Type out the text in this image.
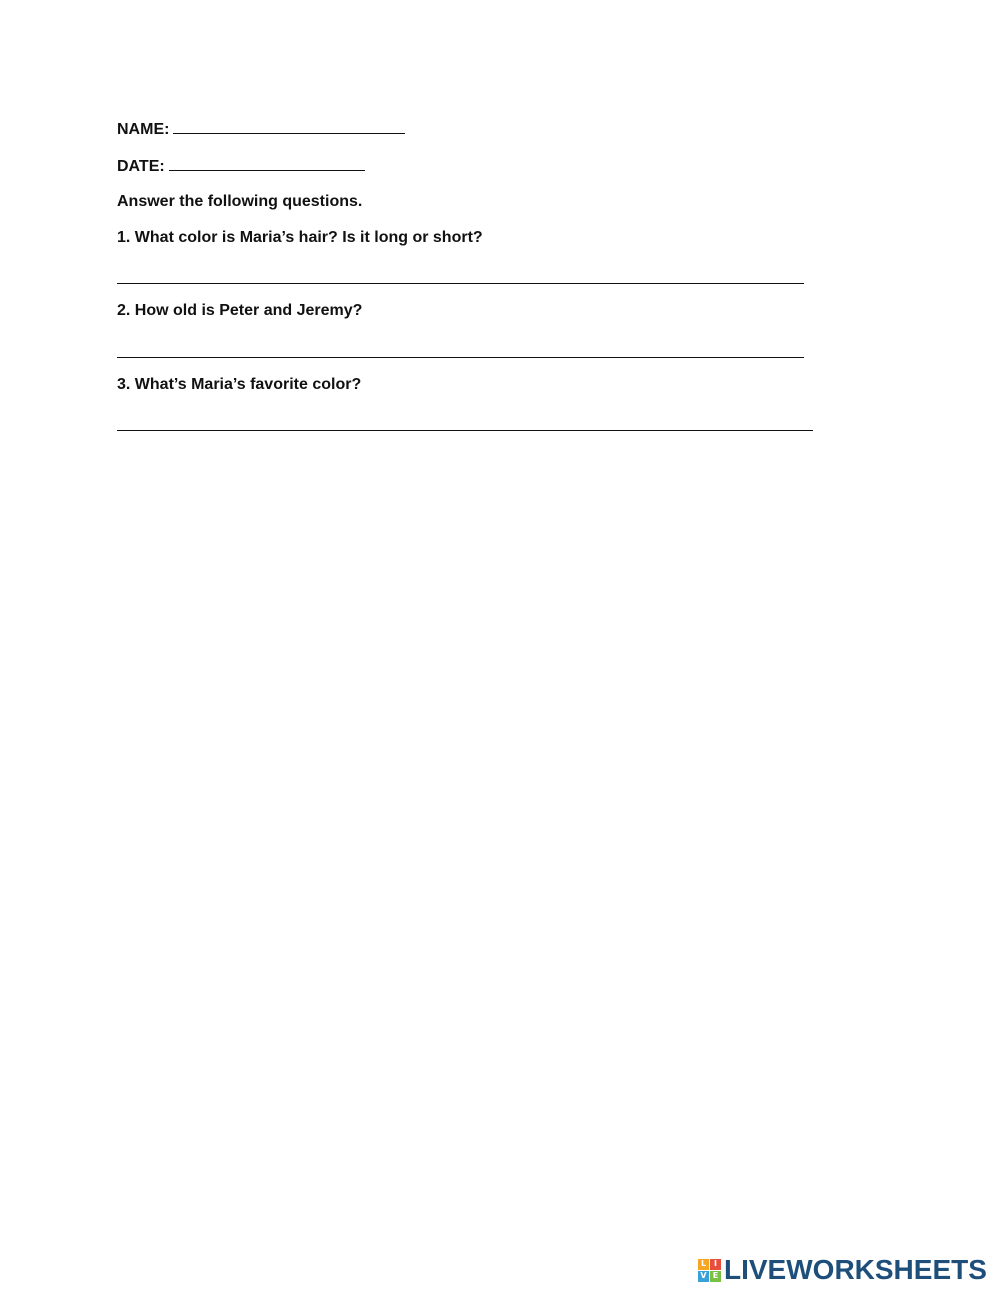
NAME:
DATE:
Answer the following questions.
1. What color is Maria’s hair? Is it long or short?
2. How old is Peter and Jeremy?
3. What’s Maria’s favorite color?
L I
V E LIVEWORKSHEETS
